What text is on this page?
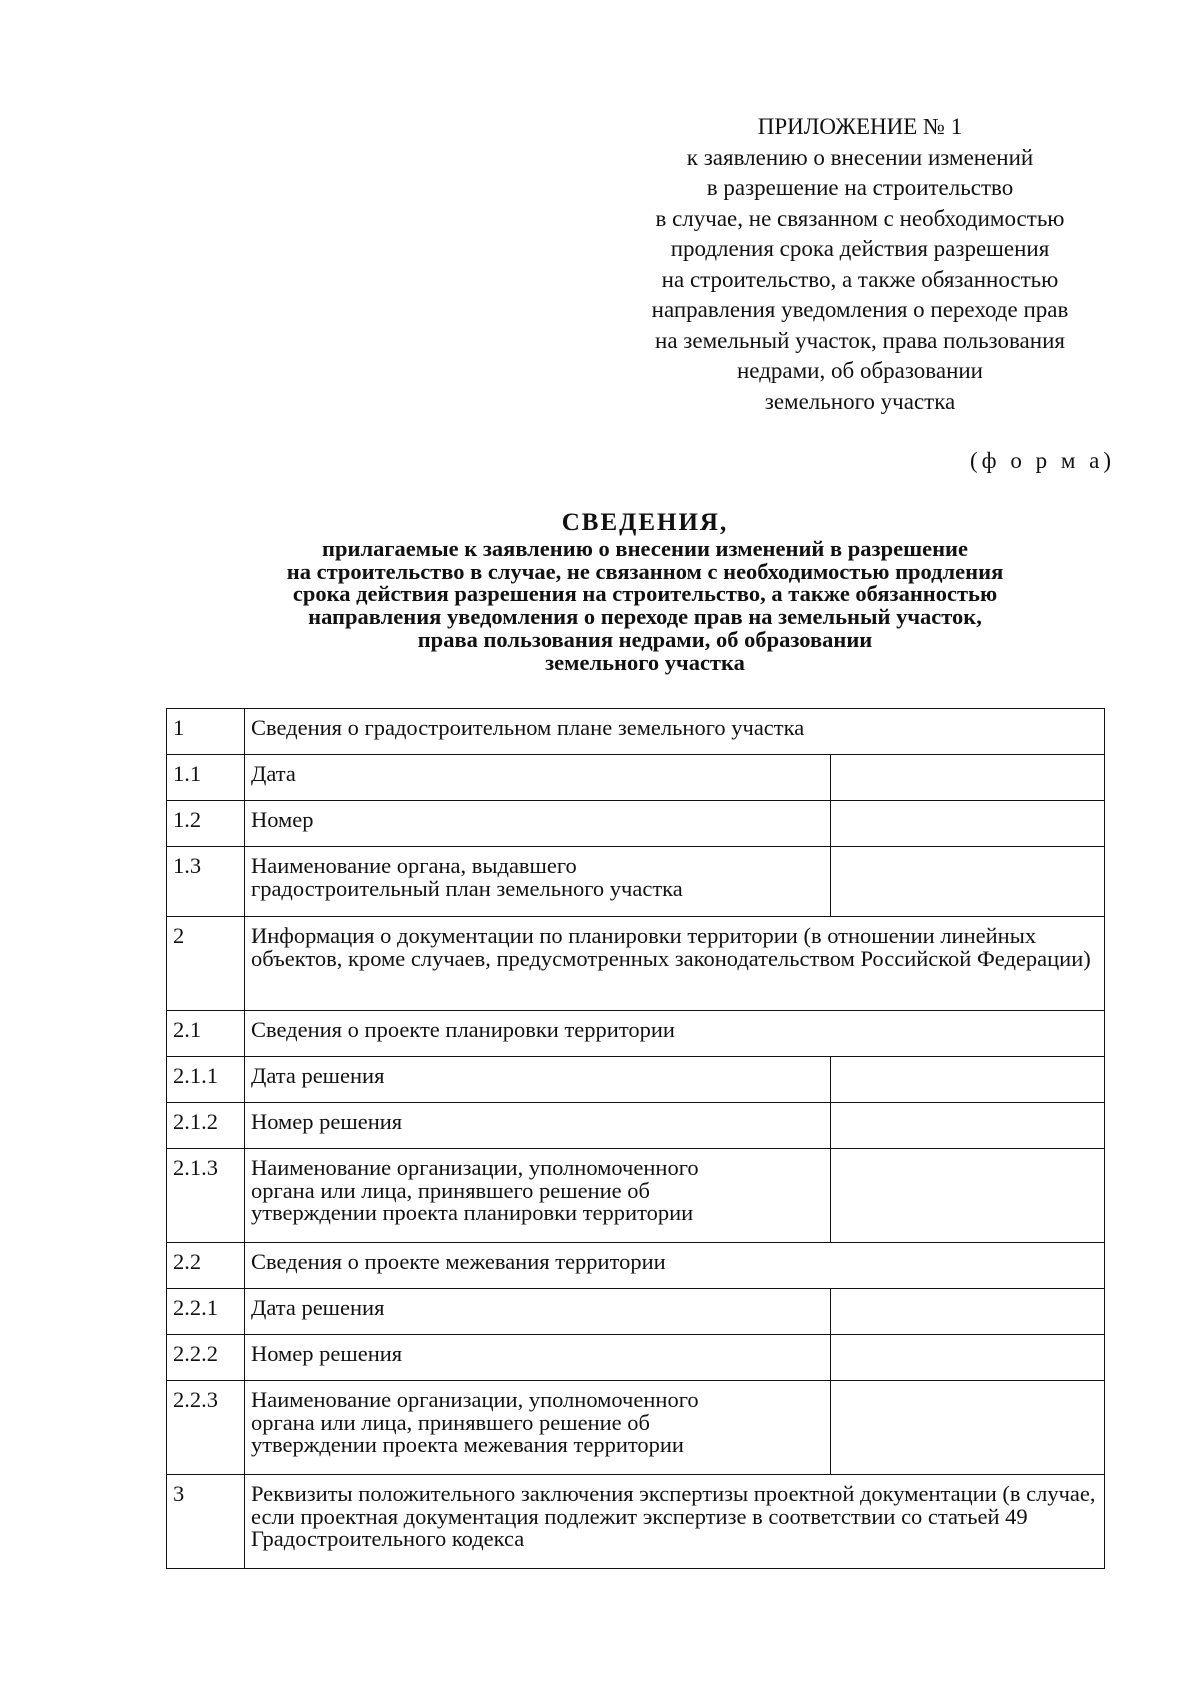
ПРИЛОЖЕНИЕ № 1
к заявлению о внесении изменений
в разрешение на строительство
в случае, не связанном с необходимостью
продления срока действия разрешения
на строительство, а также обязанностью
направления уведомления о переходе прав
на земельный участок, права пользования
недрами, об образовании
земельного участка
(ф о р м а)
СВЕДЕНИЯ,
прилагаемые к заявлению о внесении изменений в разрешение
на строительство в случае, не связанном с необходимостью продления
срока действия разрешения на строительство, а также обязанностью
направления уведомления о переходе прав на земельный участок,
права пользования недрами, об образовании
земельного участка
1	Сведения о градостроительном плане земельного участка	
1.1	Дата	
1.2	Номер	
1.3	Наименование органа, выдавшего
градостроительный план земельного участка	
2	Информация о документации по планировки территории (в отношении линейных объектов, кроме случаев, предусмотренных законодательством Российской Федерации)	
2.1	Сведения о проекте планировки территории	
2.1.1	Дата решения	
2.1.2	Номер решения	
2.1.3	Наименование организации, уполномоченного
органа или лица, принявшего решение об
утверждении проекта планировки территории	
2.2	Сведения о проекте межевания территории	
2.2.1	Дата решения	
2.2.2	Номер решения	
2.2.3	Наименование организации, уполномоченного
органа или лица, принявшего решение об
утверждении проекта межевания территории	
3	Реквизиты положительного заключения экспертизы проектной документации (в случае, если проектная документация подлежит экспертизе в соответствии со статьей 49 Градостроительного кодекса	
